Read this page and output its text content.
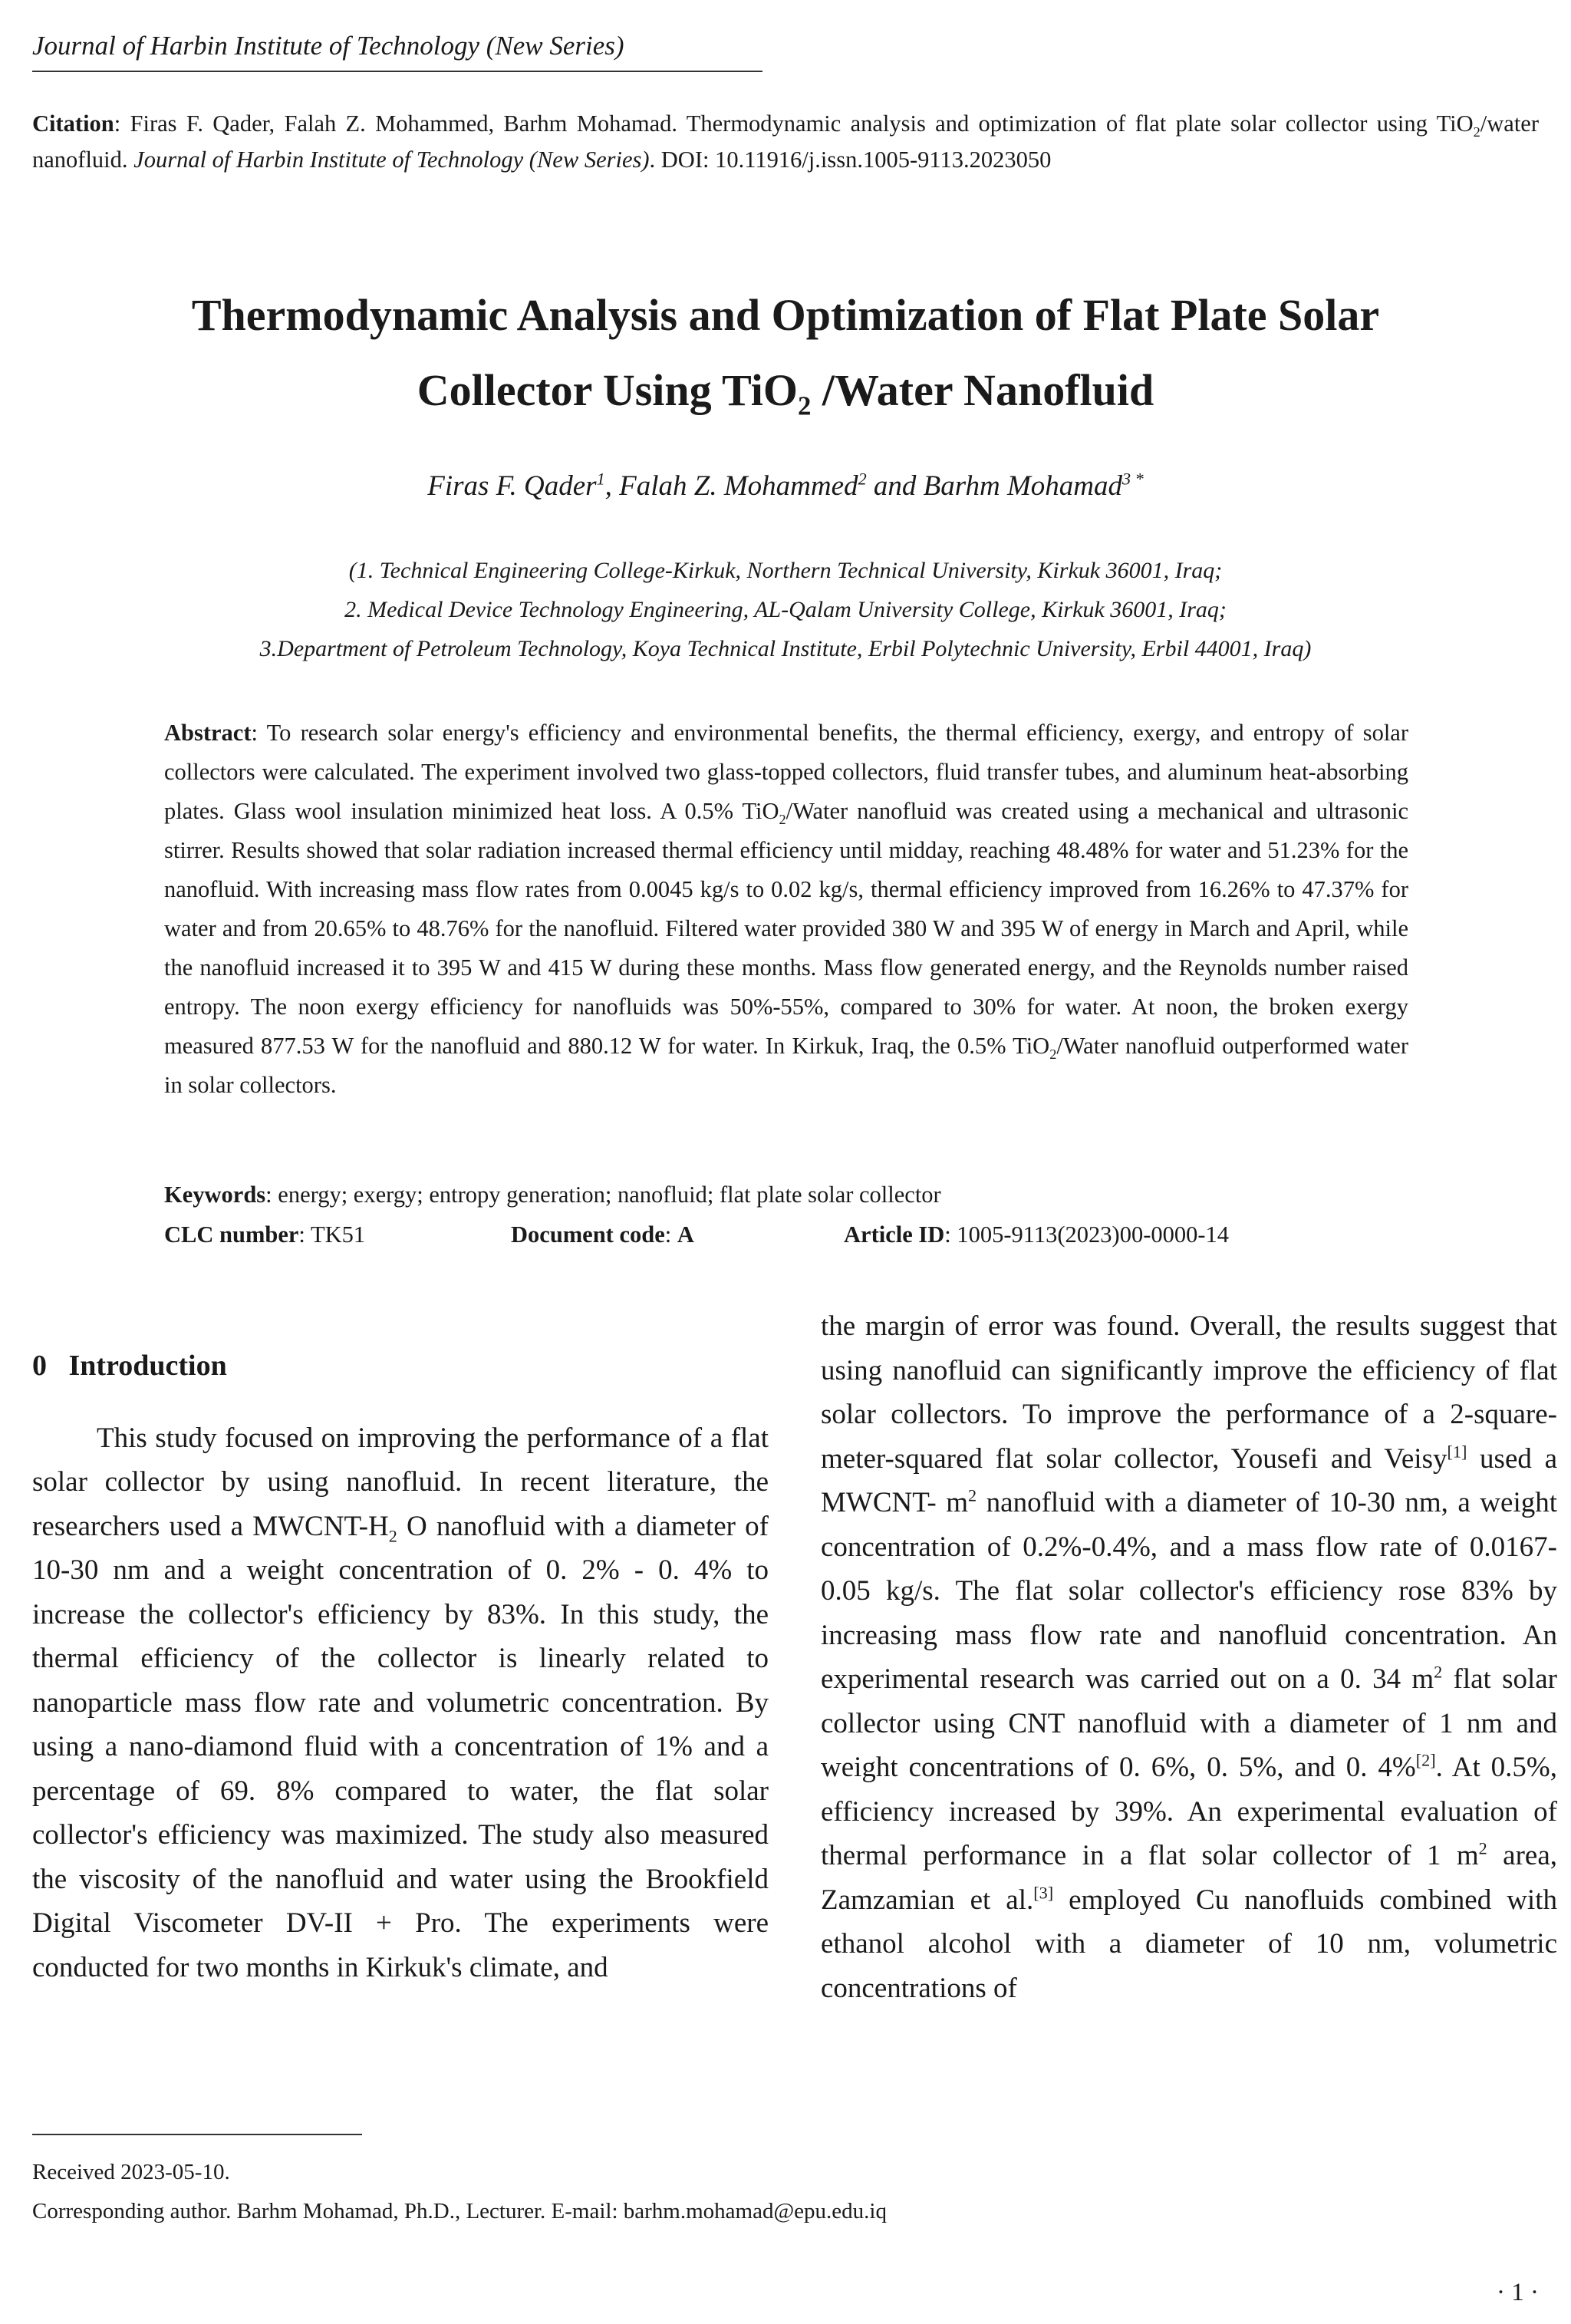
Journal of Harbin Institute of Technology (New Series)
Citation: Firas F. Qader, Falah Z. Mohammed, Barhm Mohamad. Thermodynamic analysis and optimization of flat plate solar collector using TiO$_2$/water nanofluid. Journal of Harbin Institute of Technology (New Series). DOI: 10.11916/j.issn.1005-9113.2023050
Thermodynamic Analysis and Optimization of Flat Plate Solar
Collector Using TiO$_2$ /Water Nanofluid
Firas F. Qader$^1$, Falah Z. Mohammed$^2$ and Barhm Mohamad$^{3 *}$
(1. Technical Engineering College-Kirkuk, Northern Technical University, Kirkuk 36001, Iraq;
2. Medical Device Technology Engineering, AL-Qalam University College, Kirkuk 36001, Iraq;
3.Department of Petroleum Technology, Koya Technical Institute, Erbil Polytechnic University, Erbil 44001, Iraq)
Abstract: To research solar energy's efficiency and environmental benefits, the thermal efficiency, exergy, and entropy of solar collectors were calculated. The experiment involved two glass-topped collectors, fluid transfer tubes, and aluminum heat-absorbing plates. Glass wool insulation minimized heat loss. A 0.5% TiO$_2$/Water nanofluid was created using a mechanical and ultrasonic stirrer. Results showed that solar radiation increased thermal efficiency until midday, reaching 48.48% for water and 51.23% for the nanofluid. With increasing mass flow rates from 0.0045 kg/s to 0.02 kg/s, thermal efficiency improved from 16.26% to 47.37% for water and from 20.65% to 48.76% for the nanofluid. Filtered water provided 380 W and 395 W of energy in March and April, while the nanofluid increased it to 395 W and 415 W during these months. Mass flow generated energy, and the Reynolds number raised entropy. The noon exergy efficiency for nanofluids was 50%-55%, compared to 30% for water. At noon, the broken exergy measured 877.53 W for the nanofluid and 880.12 W for water. In Kirkuk, Iraq, the 0.5% TiO$_2$/Water nanofluid outperformed water in solar collectors.
Keywords: energy; exergy; entropy generation; nanofluid; flat plate solar collector
CLC number: TK51	Document code: A	Article ID: 1005-9113(2023)00-0000-14
0 Introduction

This study focused on improving the performance of a flat solar collector by using nanofluid. In recent literature, the researchers used a MWCNT-$H_2$ O nanofluid with a diameter of 10-30 nm and a weight concentration of 0. 2% - 0. 4% to increase the collector's efficiency by 83%. In this study, the thermal efficiency of the collector is linearly related to nanoparticle mass flow rate and volumetric concentration. By using a nano-diamond fluid with a concentration of 1% and a percentage of 69. 8% compared to water, the flat solar collector's efficiency was maximized. The study also measured the viscosity of the nanofluid and water using the Brookfield Digital Viscometer DV-II + Pro. The experiments were conducted for two months in Kirkuk's climate, and

the margin of error was found. Overall, the results suggest that using nanofluid can significantly improve the efficiency of flat solar collectors. To improve the performance of a 2-square-meter-squared flat solar collector, Yousefi and Veisy[1] used a MWCNT- $m^2$ nanofluid with a diameter of 10-30 nm, a weight concentration of 0.2%-0.4%, and a mass flow rate of 0.0167-0.05 kg/s. The flat solar collector's efficiency rose 83% by increasing mass flow rate and nanofluid concentration. An experimental research was carried out on a 0. 34 $m^2$ flat solar collector using CNT nanofluid with a diameter of 1 nm and weight concentrations of 0. 6%, 0. 5%, and 0. 4%[2]. At 0.5%, efficiency increased by 39%. An experimental evaluation of thermal performance in a flat solar collector of 1 $m^2$ area, Zamzamian et al.[3] employed Cu nanofluids combined with ethanol alcohol with a diameter of 10 nm, volumetric concentrations of

Received 2023-05-10.
Corresponding author. Barhm Mohamad, Ph.D., Lecturer. E-mail: barhm.mohamad@epu.edu.iq
· 1 ·
